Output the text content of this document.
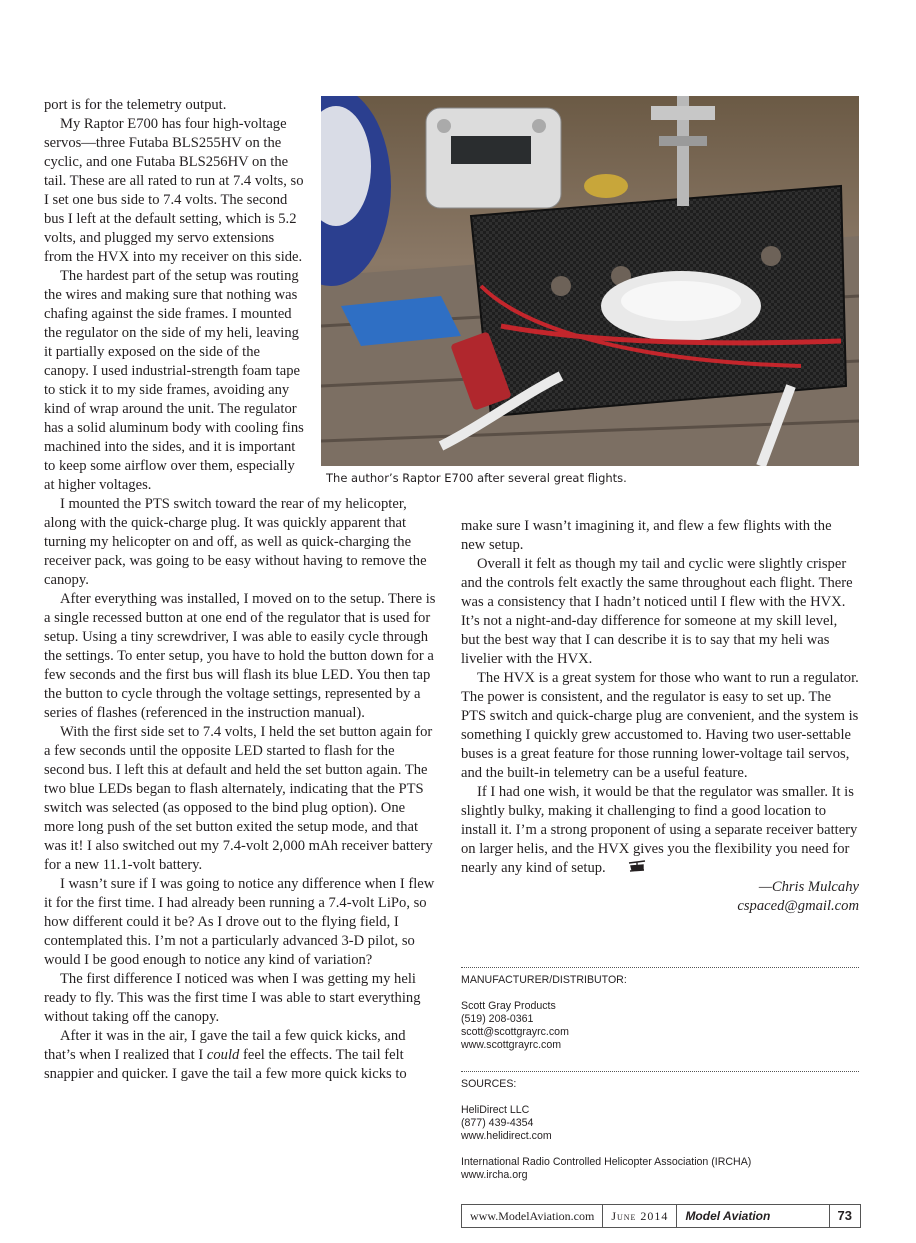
The author’s Raptor E700 after several great flights.

port is for the telemetry output.

My Raptor E700 has four high-voltage servos—three Futaba BLS255HV on the cyclic, and one Futaba BLS256HV on the tail. These are all rated to run at 7.4 volts, so I set one bus side to 7.4 volts. The second bus I left at the default setting, which is 5.2 volts, and plugged my servo extensions from the HVX into my receiver on this side.

The hardest part of the setup was routing the wires and making sure that nothing was chafing against the side frames. I mounted the regulator on the side of my heli, leaving it partially exposed on the side of the canopy. I used industrial-strength foam tape to stick it to my side frames, avoiding any kind of wrap around the unit. The regulator has a solid aluminum body with cooling fins machined into the sides, and it is important to keep some airflow over them, especially at higher voltages.

I mounted the PTS switch toward the rear of my helicopter, along with the quick-charge plug. It was quickly apparent that turning my helicopter on and off, as well as quick-charging the receiver pack, was going to be easy without having to remove the canopy.

After everything was installed, I moved on to the setup. There is a single recessed button at one end of the regulator that is used for setup. Using a tiny screwdriver, I was able to easily cycle through the settings. To enter setup, you have to hold the button down for a few seconds and the first bus will flash its blue LED. You then tap the button to cycle through the voltage settings, represented by a series of flashes (referenced in the instruction manual).

With the first side set to 7.4 volts, I held the set button again for a few seconds until the opposite LED started to flash for the second bus. I left this at default and held the set button again. The two blue LEDs began to flash alternately, indicating that the PTS switch was selected (as opposed to the bind plug option). One more long push of the set button exited the setup mode, and that was it! I also switched out my 7.4-volt 2,000 mAh receiver battery for a new 11.1-volt battery.

I wasn’t sure if I was going to notice any difference when I flew it for the first time. I had already been running a 7.4-volt LiPo, so how different could it be? As I drove out to the flying field, I contemplated this. I’m not a particularly advanced 3-D pilot, so would I be good enough to notice any kind of variation?

The first difference I noticed was when I was getting my heli ready to fly. This was the first time I was able to start everything without taking off the canopy.

After it was in the air, I gave the tail a few quick kicks, and that’s when I realized that I could feel the effects. The tail felt snappier and quicker. I gave the tail a few more quick kicks to

make sure I wasn’t imagining it, and flew a few flights with the new setup.

Overall it felt as though my tail and cyclic were slightly crisper and the controls felt exactly the same throughout each flight. There was a consistency that I hadn’t noticed until I flew with the HVX. It’s not a night-and-day difference for someone at my skill level, but the best way that I can describe it is to say that my heli was livelier with the HVX.

The HVX is a great system for those who want to run a regulator. The power is consistent, and the regulator is easy to set up. The PTS switch and quick-charge plug are convenient, and the system is something I quickly grew accustomed to. Having two user-settable buses is a great feature for those running lower-voltage tail servos, and the built-in telemetry can be a useful feature.

If I had one wish, it would be that the regulator was smaller. It is slightly bulky, making it challenging to find a good location to install it. I’m a strong proponent of using a separate receiver battery on larger helis, and the HVX gives you the flexibility you need for nearly any kind of setup.

—Chris Mulcahy

cspaced@gmail.com

MANUFACTURER/DISTRIBUTOR:
Scott Gray Products
(519) 208-0361
scott@scottgrayrc.com
www.scottgrayrc.com
SOURCES:
HeliDirect LLC
(877) 439-4354
www.helidirect.com
International Radio Controlled Helicopter Association (IRCHA)
www.ircha.org
www.ModelAviation.com	June 2014	Model Aviation	73
